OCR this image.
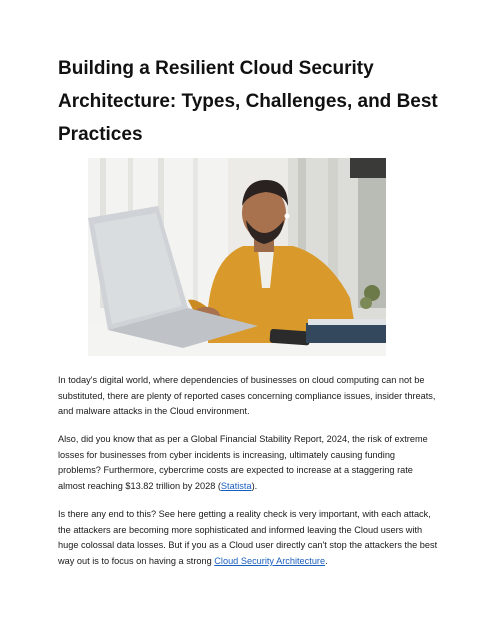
Building a Resilient Cloud Security Architecture: Types, Challenges, and Best Practices

In today's digital world, where dependencies of businesses on cloud computing can not be substituted, there are plenty of reported cases concerning compliance issues, insider threats, and malware attacks in the Cloud environment.

Also, did you know that as per a Global Financial Stability Report, 2024, the risk of extreme losses for businesses from cyber incidents is increasing, ultimately causing funding problems? Furthermore, cybercrime costs are expected to increase at a staggering rate almost reaching $13.82 trillion by 2028 (Statista).

Is there any end to this? See here getting a reality check is very important, with each attack, the attackers are becoming more sophisticated and informed leaving the Cloud users with huge colossal data losses. But if you as a Cloud user directly can't stop the attackers the best way out is to focus on having a strong Cloud Security Architecture.
